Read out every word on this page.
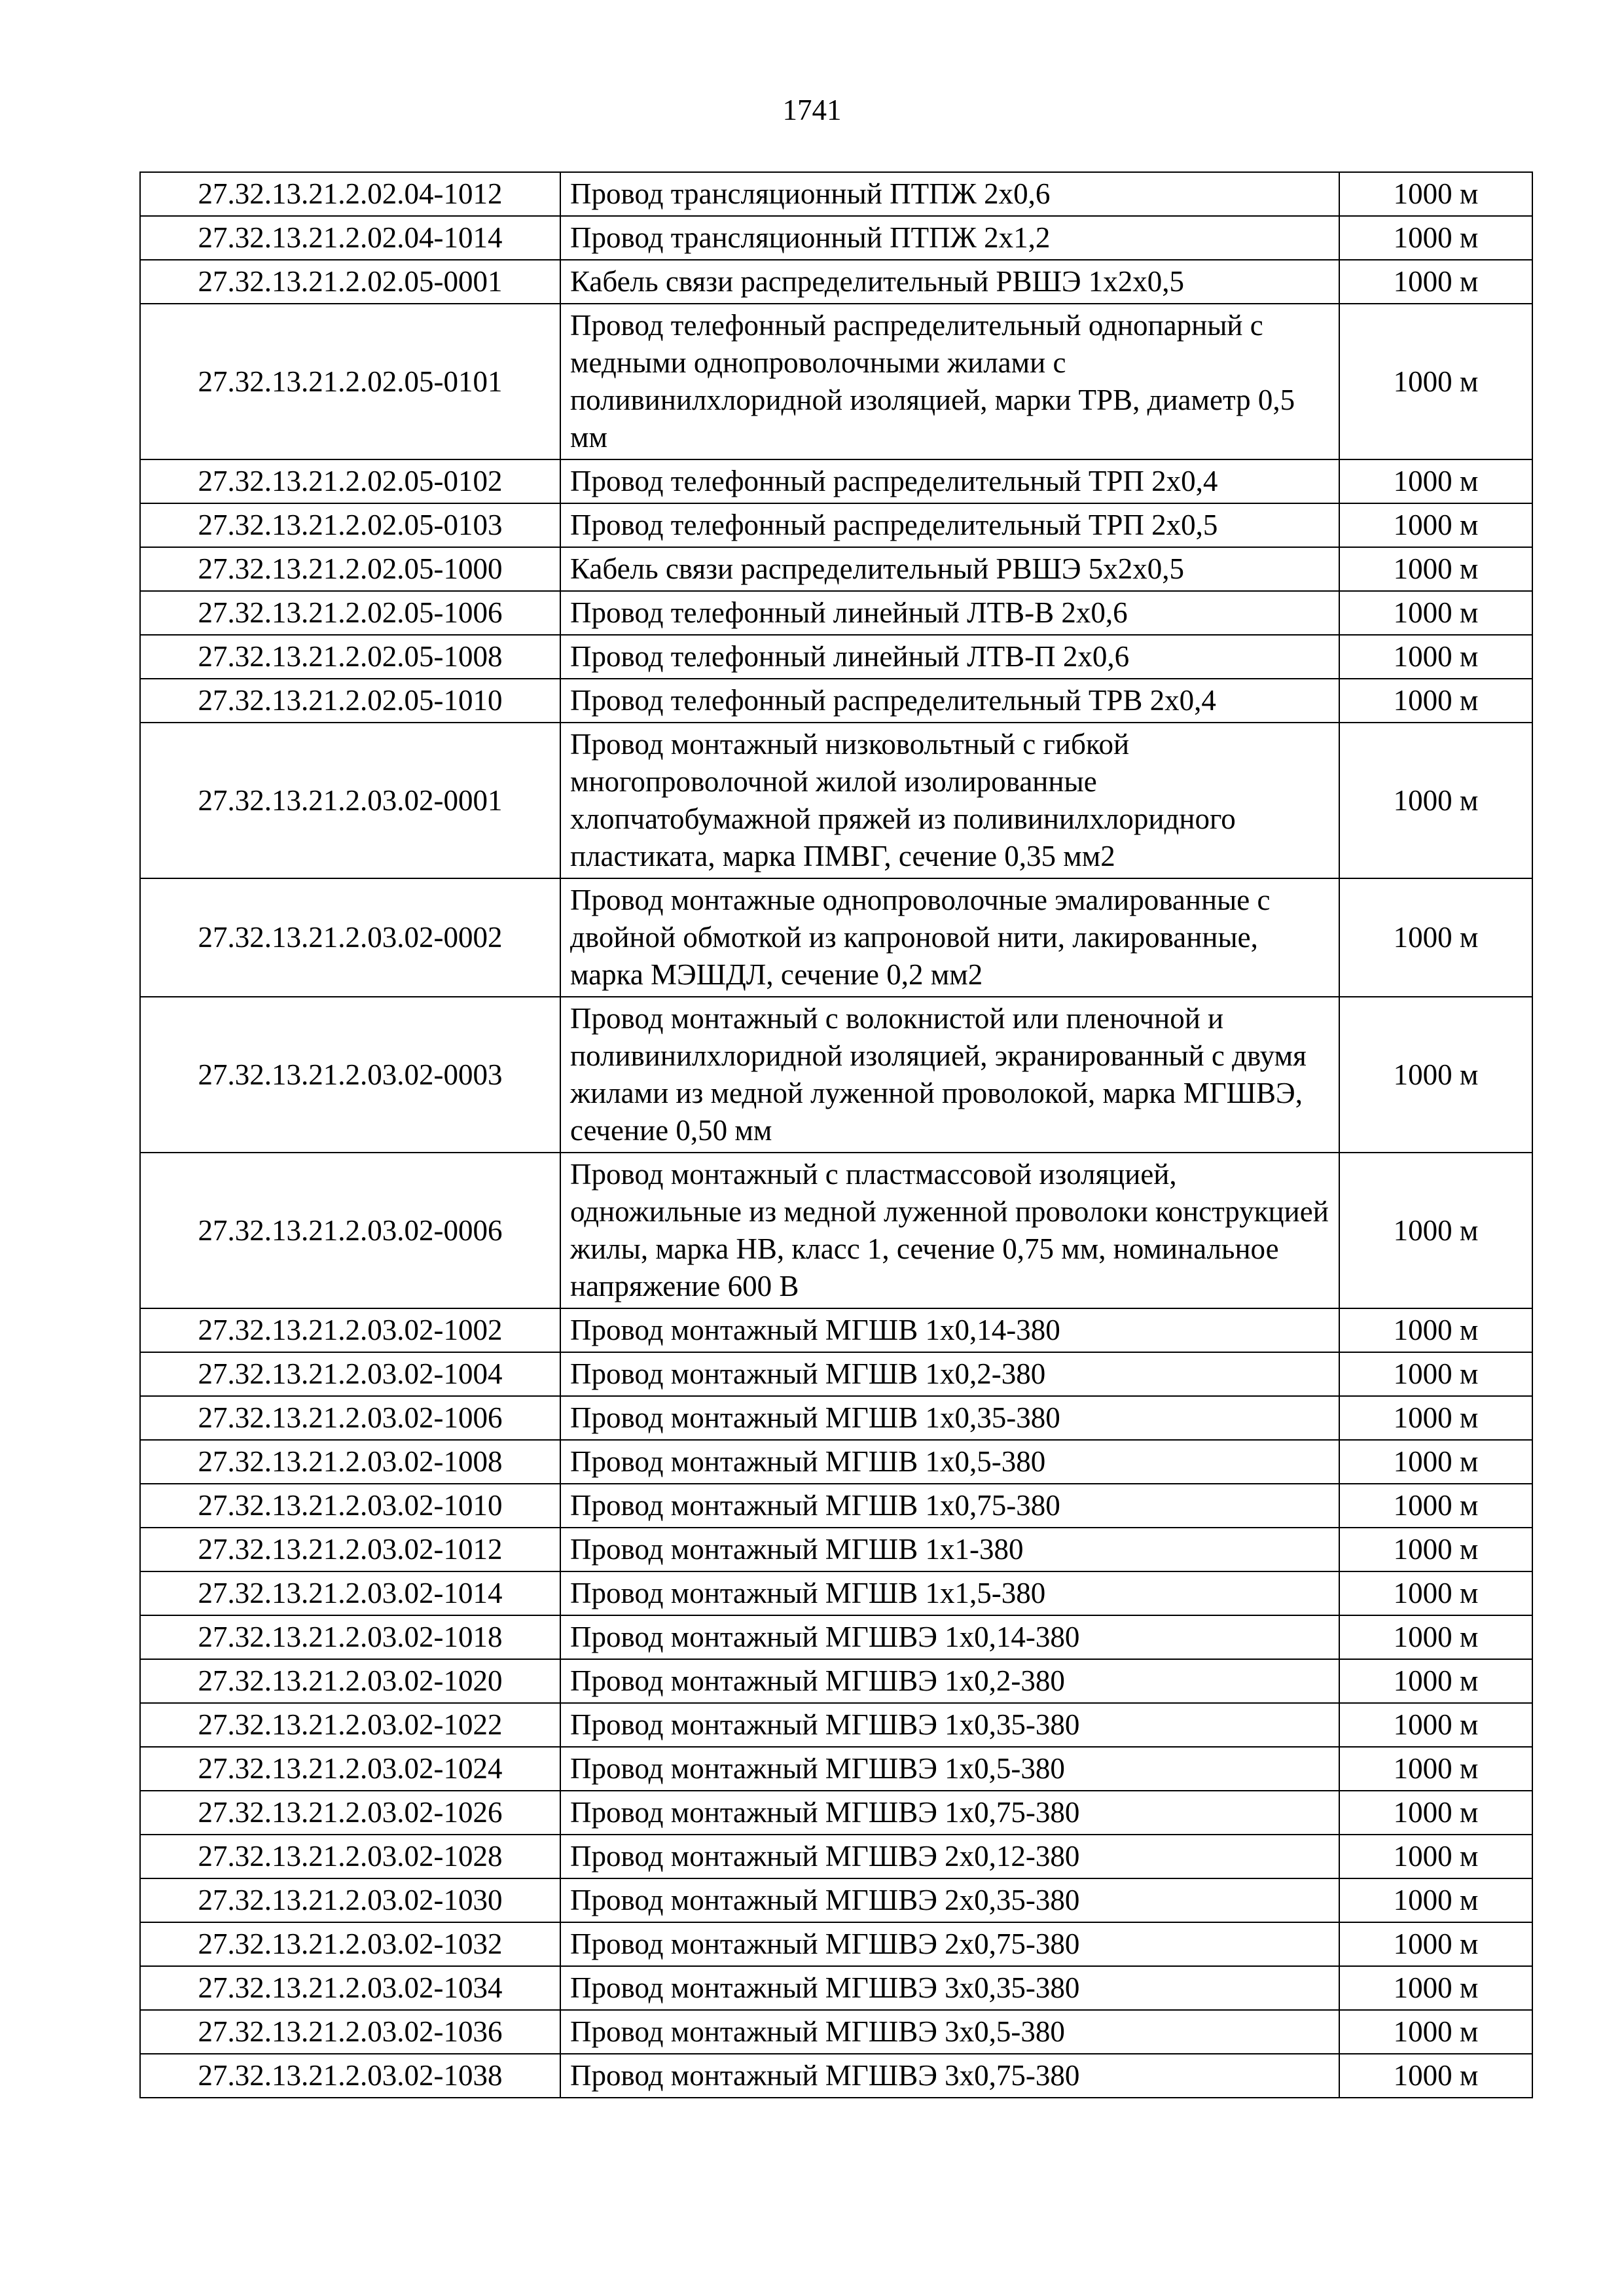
1741
27.32.13.21.2.02.04-1012	Провод трансляционный ПТПЖ 2х0,6	1000 м
27.32.13.21.2.02.04-1014	Провод трансляционный ПТПЖ 2х1,2	1000 м
27.32.13.21.2.02.05-0001	Кабель связи распределительный РВШЭ 1х2х0,5	1000 м
27.32.13.21.2.02.05-0101	Провод телефонный распределительный однопарный с медными однопроволочными жилами с поливинилхлоридной изоляцией, марки ТРВ, диаметр 0,5 мм	1000 м
27.32.13.21.2.02.05-0102	Провод телефонный распределительный ТРП 2х0,4	1000 м
27.32.13.21.2.02.05-0103	Провод телефонный распределительный ТРП 2х0,5	1000 м
27.32.13.21.2.02.05-1000	Кабель связи распределительный РВШЭ 5х2х0,5	1000 м
27.32.13.21.2.02.05-1006	Провод телефонный линейный ЛТВ-В 2х0,6	1000 м
27.32.13.21.2.02.05-1008	Провод телефонный линейный ЛТВ-П 2х0,6	1000 м
27.32.13.21.2.02.05-1010	Провод телефонный распределительный ТРВ 2х0,4	1000 м
27.32.13.21.2.03.02-0001	Провод монтажный низковольтный с гибкой многопроволочной жилой изолированные хлопчатобумажной пряжей из поливинилхлоридного пластиката, марка ПМВГ, сечение 0,35 мм2	1000 м
27.32.13.21.2.03.02-0002	Провод монтажные однопроволочные эмалированные с двойной обмоткой из капроновой нити, лакированные, марка МЭШДЛ, сечение 0,2 мм2	1000 м
27.32.13.21.2.03.02-0003	Провод монтажный с волокнистой или пленочной и поливинилхлоридной изоляцией, экранированный с двумя жилами из медной луженной проволокой, марка МГШВЭ, сечение 0,50 мм	1000 м
27.32.13.21.2.03.02-0006	Провод монтажный с пластмассовой изоляцией, одножильные из медной луженной проволоки конструкцией жилы, марка НВ, класс 1, сечение 0,75 мм, номинальное напряжение 600 В	1000 м
27.32.13.21.2.03.02-1002	Провод монтажный МГШВ 1х0,14-380	1000 м
27.32.13.21.2.03.02-1004	Провод монтажный МГШВ 1х0,2-380	1000 м
27.32.13.21.2.03.02-1006	Провод монтажный МГШВ 1х0,35-380	1000 м
27.32.13.21.2.03.02-1008	Провод монтажный МГШВ 1х0,5-380	1000 м
27.32.13.21.2.03.02-1010	Провод монтажный МГШВ 1х0,75-380	1000 м
27.32.13.21.2.03.02-1012	Провод монтажный МГШВ 1х1-380	1000 м
27.32.13.21.2.03.02-1014	Провод монтажный МГШВ 1х1,5-380	1000 м
27.32.13.21.2.03.02-1018	Провод монтажный МГШВЭ 1х0,14-380	1000 м
27.32.13.21.2.03.02-1020	Провод монтажный МГШВЭ 1х0,2-380	1000 м
27.32.13.21.2.03.02-1022	Провод монтажный МГШВЭ 1х0,35-380	1000 м
27.32.13.21.2.03.02-1024	Провод монтажный МГШВЭ 1х0,5-380	1000 м
27.32.13.21.2.03.02-1026	Провод монтажный МГШВЭ 1х0,75-380	1000 м
27.32.13.21.2.03.02-1028	Провод монтажный МГШВЭ 2х0,12-380	1000 м
27.32.13.21.2.03.02-1030	Провод монтажный МГШВЭ 2х0,35-380	1000 м
27.32.13.21.2.03.02-1032	Провод монтажный МГШВЭ 2х0,75-380	1000 м
27.32.13.21.2.03.02-1034	Провод монтажный МГШВЭ 3х0,35-380	1000 м
27.32.13.21.2.03.02-1036	Провод монтажный МГШВЭ 3х0,5-380	1000 м
27.32.13.21.2.03.02-1038	Провод монтажный МГШВЭ 3х0,75-380	1000 м
